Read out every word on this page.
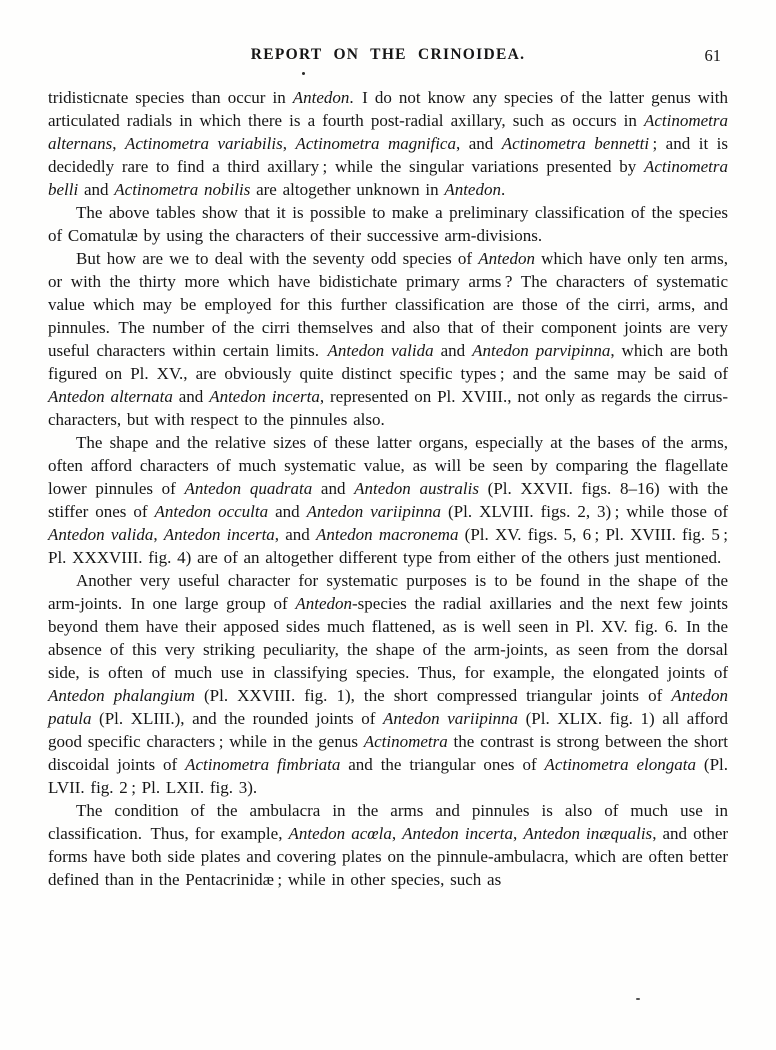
REPORT ON THE CRINOIDEA.	61

tridisticnate species than occur in Antedon. I do not know any species of the latter genus with articulated radials in which there is a fourth post-radial axillary, such as occurs in Actinometra alternans, Actinometra variabilis, Actinometra magnifica, and Actinometra bennetti ; and it is decidedly rare to find a third axillary ; while the singular variations presented by Actinometra belli and Actinometra nobilis are altogether unknown in Antedon.

The above tables show that it is possible to make a preliminary classification of the species of Comatulæ by using the characters of their successive arm-divisions.

But how are we to deal with the seventy odd species of Antedon which have only ten arms, or with the thirty more which have bidistichate primary arms ? The characters of systematic value which may be employed for this further classification are those of the cirri, arms, and pinnules. The number of the cirri themselves and also that of their component joints are very useful characters within certain limits. Antedon valida and Antedon parvipinna, which are both figured on Pl. XV., are obviously quite distinct specific types ; and the same may be said of Antedon alternata and Antedon incerta, represented on Pl. XVIII., not only as regards the cirrus-characters, but with respect to the pinnules also.

The shape and the relative sizes of these latter organs, especially at the bases of the arms, often afford characters of much systematic value, as will be seen by comparing the flagellate lower pinnules of Antedon quadrata and Antedon australis (Pl. XXVII. figs. 8–16) with the stiffer ones of Antedon occulta and Antedon variipinna (Pl. XLVIII. figs. 2, 3) ; while those of Antedon valida, Antedon incerta, and Antedon macronema (Pl. XV. figs. 5, 6 ; Pl. XVIII. fig. 5 ; Pl. XXXVIII. fig. 4) are of an altogether different type from either of the others just mentioned.

Another very useful character for systematic purposes is to be found in the shape of the arm-joints. In one large group of Antedon-species the radial axillaries and the next few joints beyond them have their apposed sides much flattened, as is well seen in Pl. XV. fig. 6. In the absence of this very striking peculiarity, the shape of the arm-joints, as seen from the dorsal side, is often of much use in classifying species. Thus, for example, the elongated joints of Antedon phalangium (Pl. XXVIII. fig. 1), the short compressed triangular joints of Antedon patula (Pl. XLIII.), and the rounded joints of Antedon variipinna (Pl. XLIX. fig. 1) all afford good specific characters ; while in the genus Actinometra the contrast is strong between the short discoidal joints of Actinometra fimbriata and the triangular ones of Actinometra elongata (Pl. LVII. fig. 2 ; Pl. LXII. fig. 3).

The condition of the ambulacra in the arms and pinnules is also of much use in classification. Thus, for example, Antedon acœla, Antedon incerta, Antedon inæqualis, and other forms have both side plates and covering plates on the pinnule-ambulacra, which are often better defined than in the Pentacrinidæ ; while in other species, such as
